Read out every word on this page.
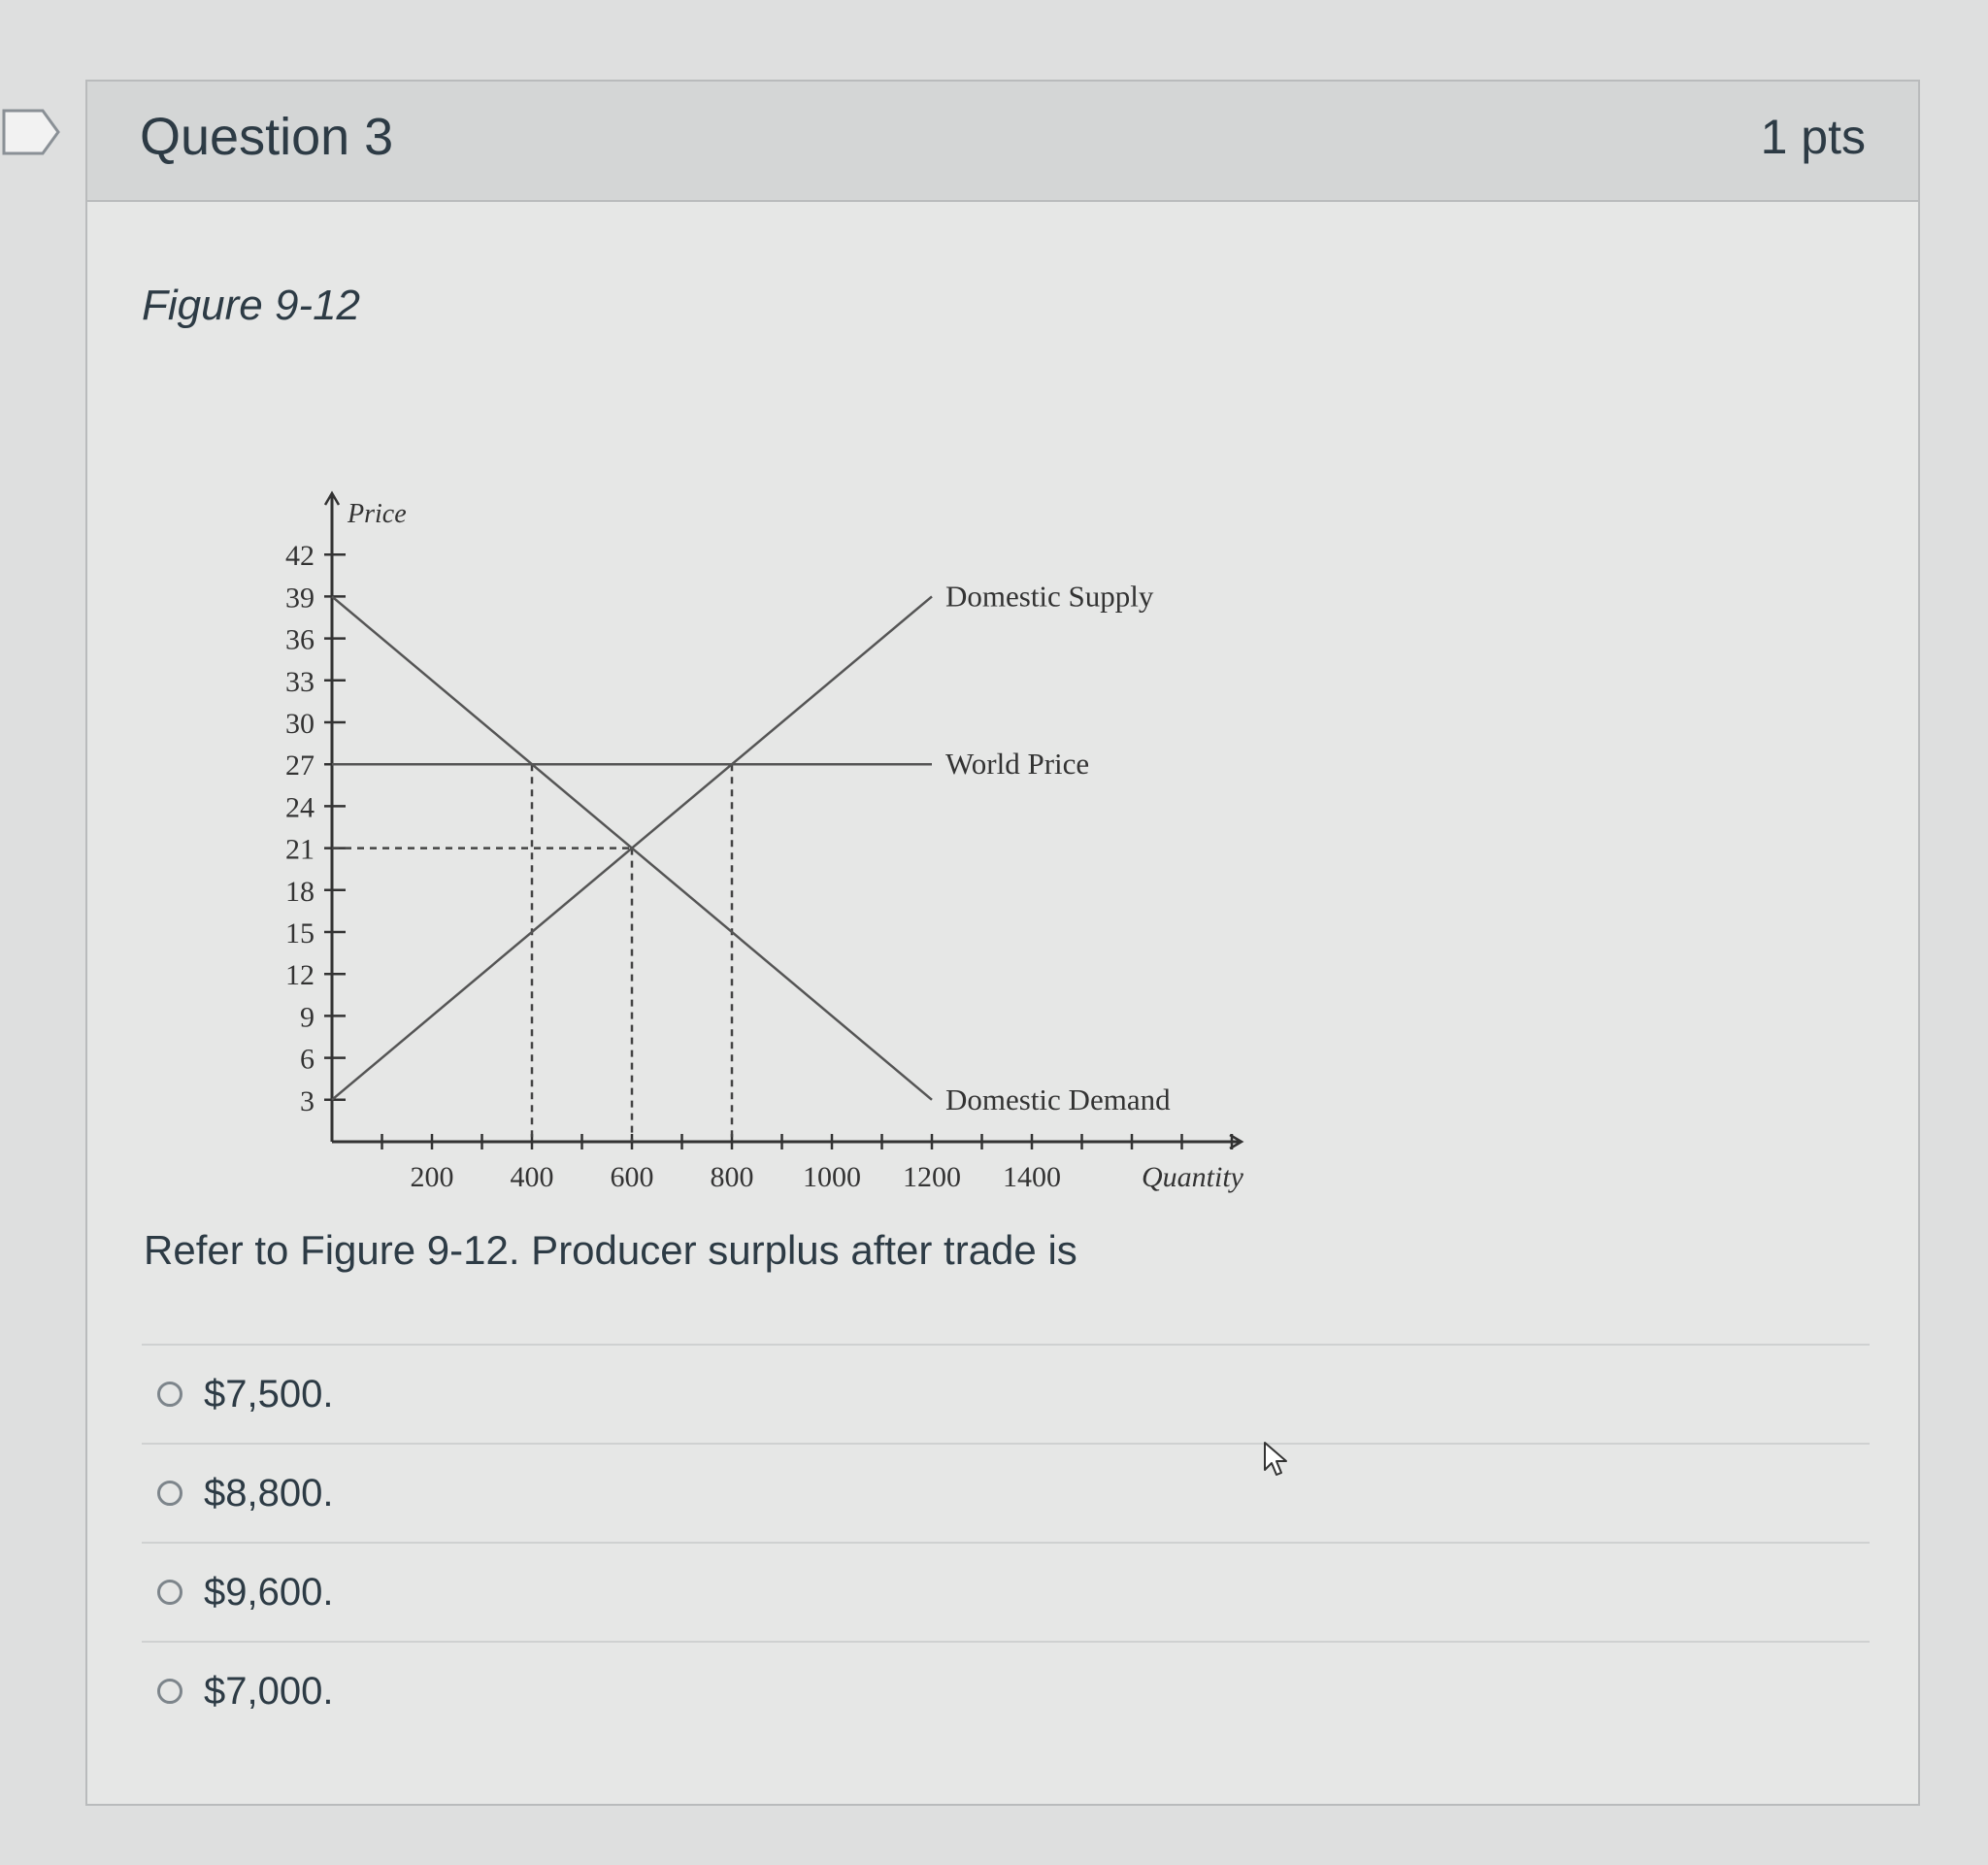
Question 3	1 pts
Figure 9-12
3
6
9
12
15
18
21
24
27
30
33
36
39
42
200 400 600 800 1000 1200 1400
Price
Quantity
Domestic Supply
World Price
Domestic Demand
Refer to Figure 9-12. Producer surplus after trade is
$7,500.
$8,800.
$9,600.
$7,000.
